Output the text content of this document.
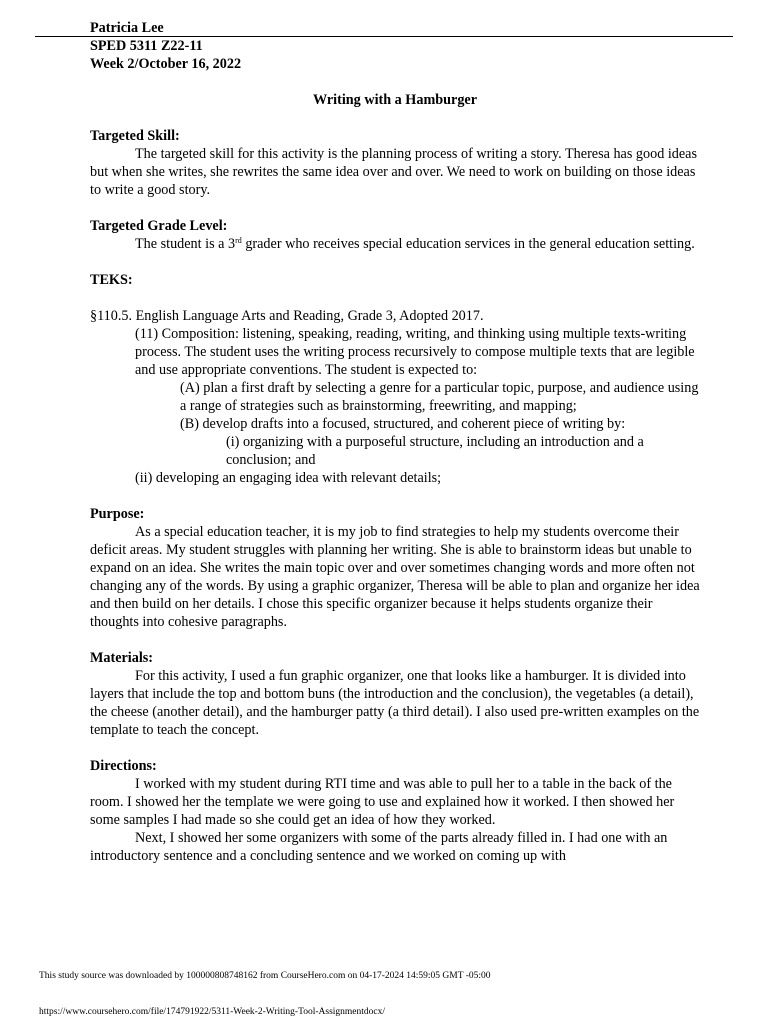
Patricia Lee

SPED 5311 Z22-11

Week 2/October 16, 2022

Writing with a Hamburger

Targeted Skill:

The targeted skill for this activity is the planning process of writing a story. Theresa has good ideas but when she writes, she rewrites the same idea over and over. We need to work on building on those ideas to write a good story.

Targeted Grade Level:

The student is a 3rd grader who receives special education services in the general education setting.

TEKS:

§110.5. English Language Arts and Reading, Grade 3, Adopted 2017.

(11) Composition: listening, speaking, reading, writing, and thinking using multiple texts-writing process. The student uses the writing process recursively to compose multiple texts that are legible and use appropriate conventions. The student is expected to:

(A) plan a first draft by selecting a genre for a particular topic, purpose, and audience using a range of strategies such as brainstorming, freewriting, and mapping;

(B) develop drafts into a focused, structured, and coherent piece of writing by:

(i) organizing with a purposeful structure, including an introduction and a conclusion; and

(ii) developing an engaging idea with relevant details;

Purpose:

As a special education teacher, it is my job to find strategies to help my students overcome their deficit areas. My student struggles with planning her writing. She is able to brainstorm ideas but unable to expand on an idea. She writes the main topic over and over sometimes changing words and more often not changing any of the words. By using a graphic organizer, Theresa will be able to plan and organize her idea and then build on her details. I chose this specific organizer because it helps students organize their thoughts into cohesive paragraphs.

Materials:

For this activity, I used a fun graphic organizer, one that looks like a hamburger. It is divided into layers that include the top and bottom buns (the introduction and the conclusion), the vegetables (a detail), the cheese (another detail), and the hamburger patty (a third detail). I also used pre-written examples on the template to teach the concept.

Directions:

I worked with my student during RTI time and was able to pull her to a table in the back of the room. I showed her the template we were going to use and explained how it worked. I then showed her some samples I had made so she could get an idea of how they worked.

Next, I showed her some organizers with some of the parts already filled in. I had one with an introductory sentence and a concluding sentence and we worked on coming up with

This study source was downloaded by 100000808748162 from CourseHero.com on 04-17-2024 14:59:05 GMT -05:00
https://www.coursehero.com/file/174791922/5311-Week-2-Writing-Tool-Assignmentdocx/
